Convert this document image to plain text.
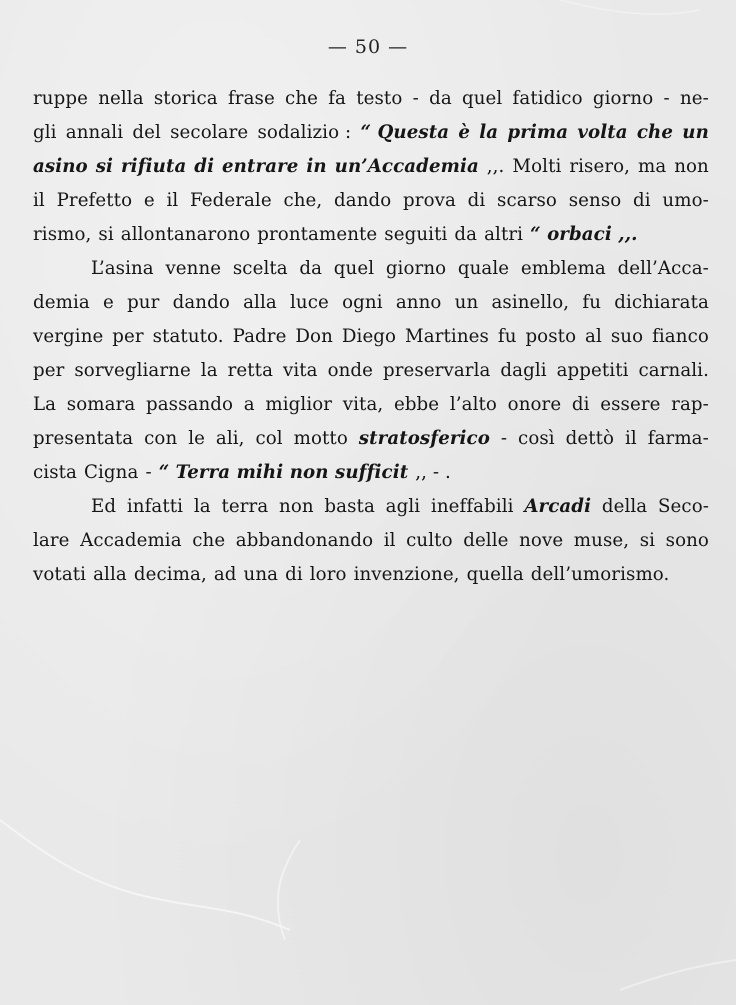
— 50 —
ruppe nella storica frase che fa testo - da quel fatidico giorno - ne-
gli annali del secolare sodalizio : “ Questa è la prima volta che un
asino si rifiuta di entrare in un’Accademia ,,. Molti risero, ma non
il Prefetto e il Federale che, dando prova di scarso senso di umo-
rismo, si allontanarono prontamente seguiti da altri “ orbaci ,,.
L’asina venne scelta da quel giorno quale emblema dell’Acca-
demia e pur dando alla luce ogni anno un asinello, fu dichiarata
vergine per statuto. Padre Don Diego Martines fu posto al suo fianco
per sorvegliarne la retta vita onde preservarla dagli appetiti carnali.
La somara passando a miglior vita, ebbe l’alto onore di essere rap-
presentata con le ali, col motto stratosferico - così dettò il farma-
cista Cigna - “ Terra mihi non sufficit ,, - .
Ed infatti la terra non basta agli ineffabili Arcadi della Seco-
lare Accademia che abbandonando il culto delle nove muse, si sono
votati alla decima, ad una di loro invenzione, quella dell’umorismo.
